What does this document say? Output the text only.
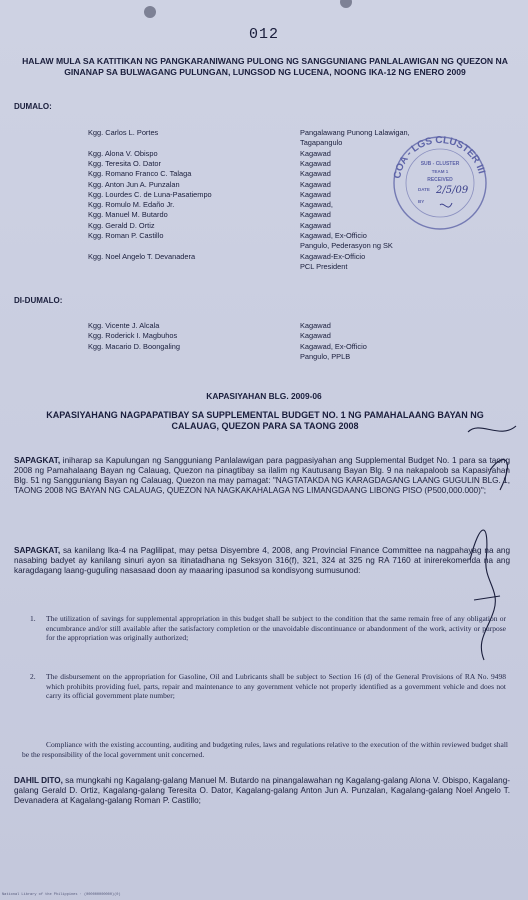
012
HALAW MULA SA KATITIKAN NG PANGKARANIWANG PULONG NG SANGGUNIANG PANLALAWIGAN NG QUEZON NA GINANAP SA BULWAGANG PULUNGAN, LUNGSOD NG LUCENA, NOONG IKA-12 NG ENERO 2009
DUMALO:
Kgg. Carlos L. Portes	Pangalawang Punong Lalawigan,
Tagapangulo
Kgg. Alona V. Obispo	Kagawad
Kgg. Teresita O. Dator	Kagawad
Kgg. Romano Franco C. Talaga	Kagawad
Kgg. Anton Jun A. Punzalan	Kagawad
Kgg. Lourdes C. de Luna-Pasatiempo	Kagawad
Kgg. Romulo M. Edaño Jr.	Kagawad,
Kgg. Manuel M. Butardo	Kagawad
Kgg. Gerald D. Ortiz	Kagawad
Kgg. Roman P. Castillo	Kagawad, Ex-Officio
Pangulo, Pederasyon ng SK
Kgg. Noel Angelo T. Devanadera	Kagawad-Ex-Officio
PCL President
DI-DUMALO:
Kgg. Vicente J. Alcala	Kagawad
Kgg. Roderick I. Magbuhos	Kagawad
Kgg. Macario D. Boongaling	Kagawad, Ex-Officio
Pangulo, PPLB
KAPASIYAHAN BLG. 2009-06
KAPASIYAHANG NAGPAPATIBAY SA SUPPLEMENTAL BUDGET NO. 1 NG PAMAHALAANG BAYAN NG CALAUAG, QUEZON PARA SA TAONG 2008
SAPAGKAT, iniharap sa Kapulungan ng Sangguniang Panlalawigan para pagpasiyahan ang Supplemental Budget No. 1 para sa taong 2008 ng Pamahalaang Bayan ng Calauag, Quezon na pinagtibay sa ilalim ng Kautusang Bayan Blg. 9 na nakapaloob sa Kapasiyahan Blg. 51 ng Sangguniang Bayan ng Calauag, Quezon na may pamagat: "NAGTATAKDA NG KARAGDAGANG LAANG GUGULIN BLG. 1, TAONG 2008 NG BAYAN NG CALAUAG, QUEZON NA NAGKAKAHALAGA NG LIMANGDAANG LIBONG PISO (P500,000.000)";
SAPAGKAT, sa kanilang Ika-4 na Paglilipat, may petsa Disyembre 4, 2008, ang Provincial Finance Committee na nagpahayag na ang nasabing badyet ay kanilang sinuri ayon sa itinatadhana ng Seksyon 316(f), 321, 324 at 325 ng RA 7160 at inirerekomenda na ang karagdagang laang-guguling nasasaad doon ay maaaring ipasunod sa kondisyong sumusunod:
1. The utilization of savings for supplemental appropriation in this budget shall be subject to the condition that the same remain free of any obligation or encumbrance and/or still available after the satisfactory completion or the unavoidable discontinuance or abandonment of the work, activity or purpose for the appropriation was originally authorized;
2. The disbursement on the appropriation for Gasoline, Oil and Lubricants shall be subject to Section 16 (d) of the General Provisions of RA No. 9498 which prohibits providing fuel, parts, repair and maintenance to any government vehicle not properly identified as a government vehicle and does not carry its official government plate number;
Compliance with the existing accounting, auditing and budgeting rules, laws and regulations relative to the execution of the within reviewed budget shall be the responsibility of the local government unit concerned.
DAHIL DITO, sa mungkahi ng Kagalang-galang Manuel M. Butardo na pinangalawahan ng Kagalang-galang Alona V. Obispo, Kagalang-galang Gerald D. Ortiz, Kagalang-galang Teresita O. Dator, Kagalang-galang Anton Jun A. Punzalan, Kagalang-galang Noel Angelo T. Devanadera at Kagalang-galang Roman P. Castillo;
COA - LGS CLUSTER III
SUB - CLUSTER
TEAM 1
RECEIVED
DATE 2/5/09
BY
National Library of the Philippines · (000000000000)(0)
